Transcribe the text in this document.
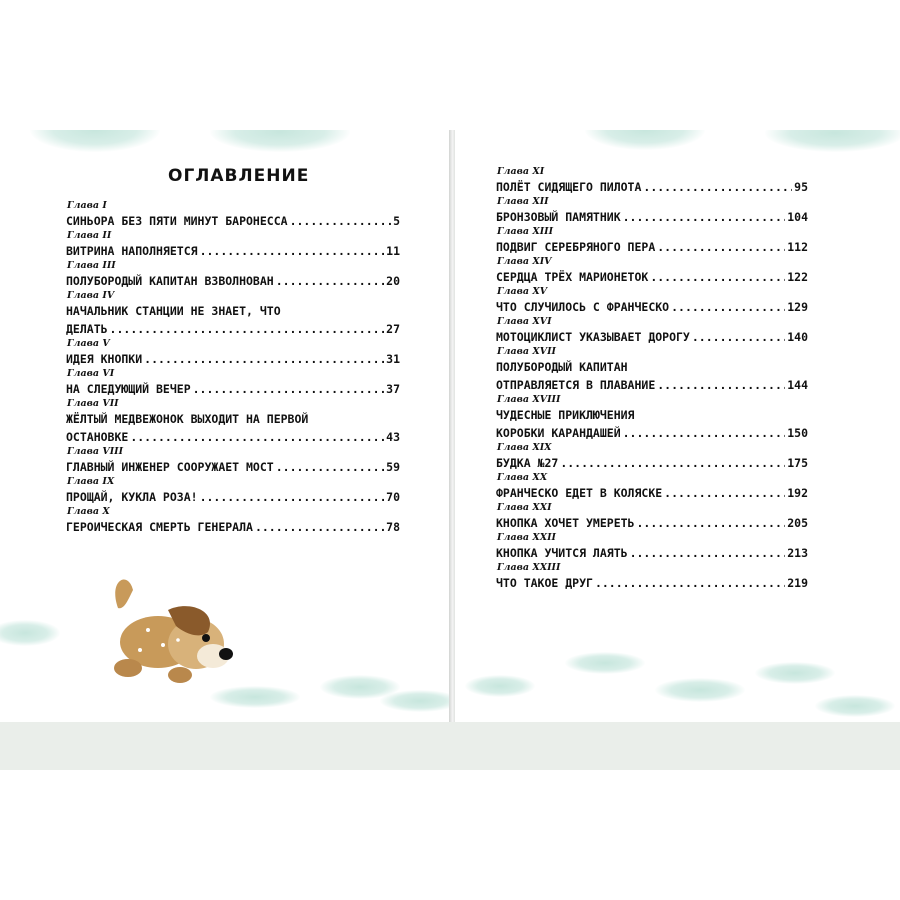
ОГЛАВЛЕНИЕ
Глава I
СИНЬОРА БЕЗ ПЯТИ МИНУТ БАРОНЕССА .....	5
Глава II
ВИТРИНА НАПОЛНЯЕТСЯ .....	11
Глава III
ПОЛУБОРОДЫЙ КАПИТАН ВЗВОЛНОВАН .....	20
Глава IV
НАЧАЛЬНИК СТАНЦИИ НЕ ЗНАЕТ, ЧТО
ДЕЛАТЬ .....	27
Глава V
ИДЕЯ КНОПКИ .....	31
Глава VI
НА СЛЕДУЮЩИЙ ВЕЧЕР .....	37
Глава VII
ЖЁЛТЫЙ МЕДВЕЖОНОК ВЫХОДИТ НА ПЕРВОЙ
ОСТАНОВКЕ .....	43
Глава VIII
ГЛАВНЫЙ ИНЖЕНЕР СООРУЖАЕТ МОСТ .....	59
Глава IX
ПРОЩАЙ, КУКЛА РОЗА! .....	70
Глава X
ГЕРОИЧЕСКАЯ СМЕРТЬ ГЕНЕРАЛА .....	78
Глава XI
ПОЛЁТ СИДЯЩЕГО ПИЛОТА .....	95
Глава XII
БРОНЗОВЫЙ ПАМЯТНИК .....	104
Глава XIII
ПОДВИГ СЕРЕБРЯНОГО ПЕРА .....	112
Глава XIV
СЕРДЦА ТРЁХ МАРИОНЕТОК .....	122
Глава XV
ЧТО СЛУЧИЛОСЬ С ФРАНЧЕСКО .....	129
Глава XVI
МОТОЦИКЛИСТ УКАЗЫВАЕТ ДОРОГУ .....	140
Глава XVII
ПОЛУБОРОДЫЙ КАПИТАН
ОТПРАВЛЯЕТСЯ В ПЛАВАНИЕ .....	144
Глава XVIII
ЧУДЕСНЫЕ ПРИКЛЮЧЕНИЯ
КОРОБКИ КАРАНДАШЕЙ .....	150
Глава XIX
БУДКА №27 .....	175
Глава XX
ФРАНЧЕСКО ЕДЕТ В КОЛЯСКЕ .....	192
Глава XXI
КНОПКА ХОЧЕТ УМЕРЕТЬ .....	205
Глава XXII
КНОПКА УЧИТСЯ ЛАЯТЬ .....	213
Глава XXIII
ЧТО ТАКОЕ ДРУГ .....	219
